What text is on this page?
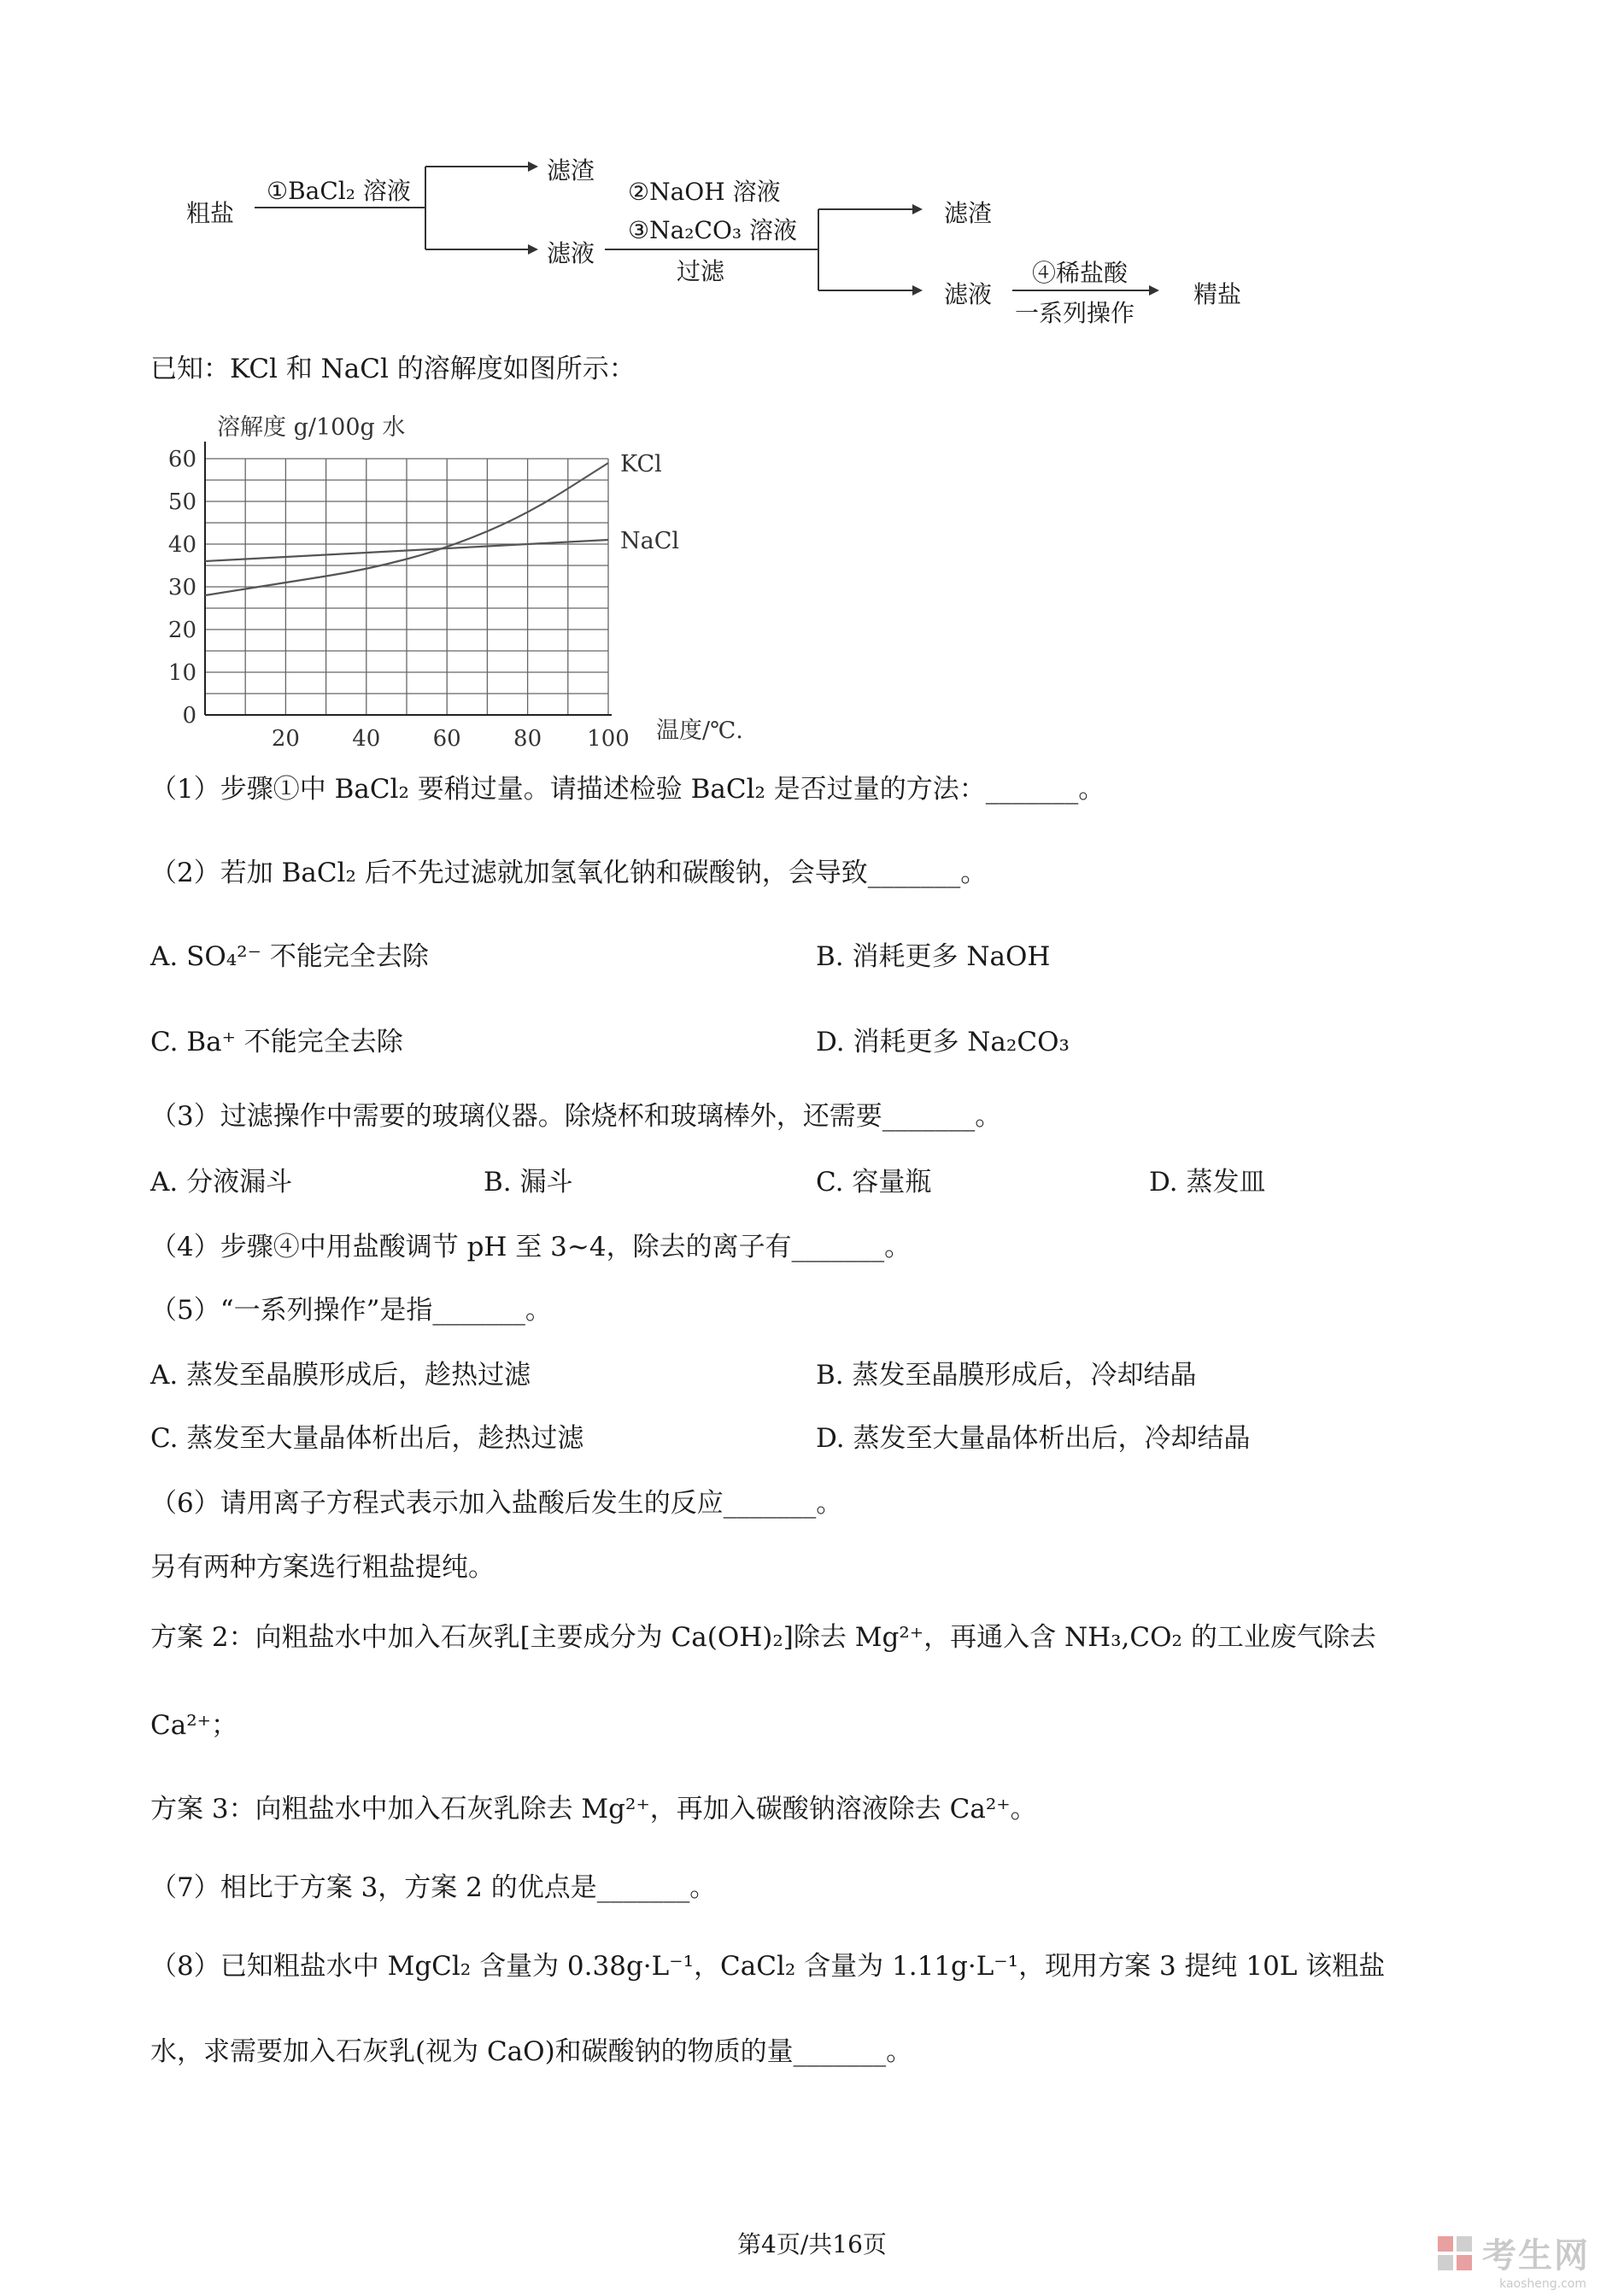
粗盐
①BaCl₂ 溶液
滤渣
滤液
②NaOH 溶液
③Na₂CO₃ 溶液
过滤
滤渣
滤液
④稀盐酸
一系列操作
精盐
已知：KCl 和 NaCl 的溶解度如图所示：
KCl
NaCl
0
10
20
30
40
50
60
20 40 60 80 100
溶解度 g/100g 水
温度/℃.
（1）步骤①中 BaCl₂ 要稍过量。请描述检验 BaCl₂ 是否过量的方法：_______。
（2）若加 BaCl₂ 后不先过滤就加氢氧化钠和碳酸钠，会导致_______。
A. SO₄²⁻ 不能完全去除	B. 消耗更多 NaOH
C. Ba⁺ 不能完全去除	D. 消耗更多 Na₂CO₃
（3）过滤操作中需要的玻璃仪器。除烧杯和玻璃棒外，还需要_______。
A. 分液漏斗	B. 漏斗	C. 容量瓶	D. 蒸发皿
（4）步骤④中用盐酸调节 pH 至 3~4，除去的离子有_______。
（5）“一系列操作”是指_______。
A. 蒸发至晶膜形成后，趁热过滤	B. 蒸发至晶膜形成后，冷却结晶
C. 蒸发至大量晶体析出后，趁热过滤	D. 蒸发至大量晶体析出后，冷却结晶
（6）请用离子方程式表示加入盐酸后发生的反应_______。
另有两种方案选行粗盐提纯。
方案 2：向粗盐水中加入石灰乳[主要成分为 Ca(OH)₂]除去 Mg²⁺，再通入含 NH₃,CO₂ 的工业废气除去
Ca²⁺；
方案 3：向粗盐水中加入石灰乳除去 Mg²⁺，再加入碳酸钠溶液除去 Ca²⁺。
（7）相比于方案 3，方案 2 的优点是_______。
（8）已知粗盐水中 MgCl₂ 含量为 0.38g·L⁻¹，CaCl₂ 含量为 1.11g·L⁻¹，现用方案 3 提纯 10L 该粗盐
水，求需要加入石灰乳(视为 CaO)和碳酸钠的物质的量_______。
第4页/共16页	考生网
kaosheng.com
